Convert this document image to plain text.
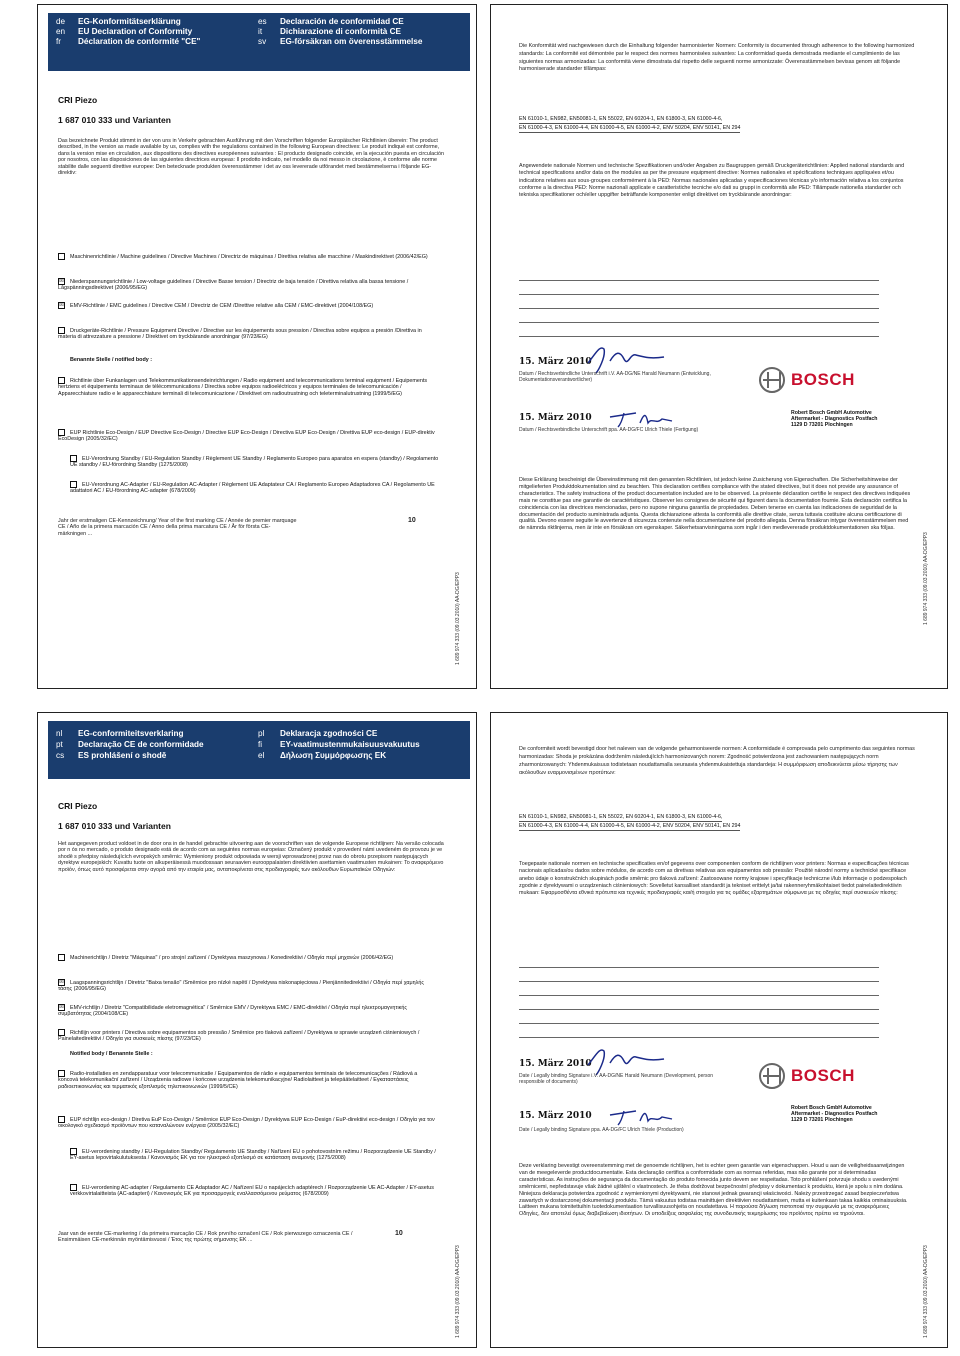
de EG-Konformitätserklärung
en EU Declaration of Conformity
fr Déclaration de conformité "CE"
es Declaración de conformidad CE
it Dichiarazione di conformità CE
sv EG-försäkran om överensstämmelse
CRI Piezo
1 687 010 333 und Varianten
Das bezeichnete Produkt stimmt in der von uns in Verkehr gebrachten Ausführung mit den Vorschriften folgender Europäischer Richtlinien überein: The product described, in the version as made available by us, complies with the regulations contained in the following European directives: Le produit indiqué est conforme, dans la version mise en circulation, aux dispositions des directives européennes suivantes : El producto designado coincide, en la ejecución puesta en circulación por nosotros, con las disposiciones de las siguientes directrices europeas: Il prodotto indicato, nel modello da noi messo in circolazione, è conforme alle norme stabilite dalle seguenti direttive europee: Den betecknade produkten överensstämmer i det av oss levererade utförandet med bestämmelserna i följande EG-direktiv:
Maschinenrichtlinie / Machine guidelines / Directive Machines / Directriz de máquinas / Direttiva relativa alle macchine / Maskindirektivet (2006/42/EG)
☒ Niederspannungsrichtlinie / Low-voltage guidelines / Directive Basse tension / Directriz de baja tensión / Direttiva relativa alla bassa tensione / Lågspänningsdirektivet (2006/95/EG)
☒ EMV-Richtlinie / EMC guidelines / Directive CEM / Directriz de CEM /Direttive relative alla CEM / EMC-direktivet (2004/108/EG)
Druckgeräte-Richtlinie / Pressure Equipment Directive / Directive sur les équipements sous pression / Directiva sobre equipos a presión /Direttiva in materia di attrezzature a pressione / Direktivet om tryckbärande anordningar (97/23/EG)
Benannte Stelle / notified body :
Richtlinie über Funkanlagen und Telekommunikationsendeinrichtungen / Radio equipment and telecommunications terminal equipment / Equipements hertziens et équipements terminaux de télécommunications / Directiva sobre equipos radioeléctricos y equipos terminales de telecomunicación / Apparecchiature radio e le apparecchiature terminali di telecomunicazione / Direktivet om radioutrustning och teleterminalutrustning (1999/5/EG)
EUP Richtlinie Eco-Design / EUP Directive Eco-Design / Directive EUP Eco-Design / Directiva EUP Eco-Design / Direttiva EUP eco-design / EUP-direktiv EcoDesign (2005/32/EC)
EU-Verordnung Standby / EU-Regulation Standby / Règlement UE Standby / Reglamento Europeo para aparatos en espera (standby) / Regolamento UE standby / EU-förordning Standby (1275/2008)
EU-Verordnung AC-Adapter / EU-Regulation AC-Adapter / Règlement UE Adaptateur CA / Reglamento Europeo Adaptadores CA / Regolamento UE adattatori AC / EU-förordning AC-adapter (678/2009)
Jahr der erstmaligen CE-Kennzeichnung/ Year of the first marking CE / Année de premier marquage CE / Año de la primera marcación CE / Anno della prima marcatura CE / År för första CE-märkningen ...
10
1 689 974 333 (09.03.2010) AA-DG/EPP3
Die Konformität wird nachgewiesen durch die Einhaltung folgender harmonisierter Normen: Conformity is documented through adherence to the following harmonized standards: La conformité est démontrée par le respect des normes harmonisées suivantes: La conformidad queda demostrada mediante el cumplimiento de las siguientes normas armonizadas: La conformità viene dimostrata dal rispetto delle seguenti norme armonizzate: Överensstämmelsen bevisas genom att följande harmoniserade standarder tillämpas:
EN 61010-1, EN982, EN50081-1, EN 55022, EN 60204-1, EN 61800-3, EN 61000-4-6,
EN 61000-4-3, EN 61000-4-4, EN 61000-4-5, EN 61000-4-2, ENV 50204, ENV 50141, EN 294
Angewendete nationale Normen und technische Spezifikationen und/oder Angaben zu Baugruppen gemäß Druckgeräterichtlinien: Applied national standards and technical specifications and/or data on the modules as per the pressure equipment directive: Normes nationales et spécifications techniques appliquées et/ou indications relatives aux sous-groupes conformément à la PED: Normas nacionales aplicadas y especificaciones técnicas y/o información relativa a los conjuntos conforme a la directiva PED: Norme nazionali applicate e caratteristiche tecniche e/o dati su gruppi in conformità alle PED: Tillämpade nationella standarder och tekniska specifikationer och/eller uppgifter beträffande komponenter enligt direktivet om tryckbärande anordningar:
15. März 2010
Datum / Rechtsverbindliche Unterschrift i.V. AA-DG/NE Harald Neumann (Entwicklung, Dokumentationsverantwortlicher)
15. März 2010
Datum / Rechtsverbindliche Unterschrift ppa. AA-DG/FC Ulrich Thiele (Fertigung)
BOSCH
Robert Bosch GmbH Automotive Aftermarket - Diagnostics Postfach 1129 D 73201 Plochingen
Diese Erklärung bescheinigt die Übereinstimmung mit den genannten Richtlinien, ist jedoch keine Zusicherung von Eigenschaften. Die Sicherheitshinweise der mitgelieferten Produktdokumentation sind zu beachten. This declaration certifies compliance with the stated directives, but it does not provide any assurance of characteristics. The safety instructions of the product documentation included are to be observed. La présente déclaration certifie le respect des directives indiquées mais ne constitue pas une garantie de caractéristiques. Observer les consignes de sécurité qui figurent dans la documentation fournie. Esta declaración certifica la coincidencia con las directrices mencionadas, pero no supone ninguna garantía de propiedades. Deben tenerse en cuenta las indicaciones de seguridad de la documentación del producto suministrada adjunta. Questa dichiarazione attesta la conformità alle direttive citate, senza tuttavia costituire alcuna certificazione di qualità. Devono essere seguite le avvertenze di sicurezza contenute nella documentazione del prodotto allegata. Denna försäkran intygar överensstämmelsen med de nämnda riktlinjerna, men är inte en försäkran om egenskaper. Säkerhetsanvisningarna som ingår i den medlevererade produktdokumentationen ska följas.
1 689 974 333 (09.03.2010) AA-DG/EPP3
nl EG-conformiteitsverklaring
pt Declaração CE de conformidade
cs ES prohlášení o shodě
pl Deklaracja zgodności CE
fi EY-vaatimustenmukaisuusvakuutus
el Δήλωση Συμμόρφωσης ΕΚ
CRI Piezo
1 687 010 333 und Varianten
Het aangegeven product voldoet in de door ons in de handel gebrachte uitvoering aan de voorschriften van de volgende Europese richtlijnen: Na versão colocada por n ós no mercado, o produto designado está de acordo com as seguintes normas europeias: Označený produkt v provedení námi uvedeném do provozu je ve shodě s předpisy následujících evropských směrnic: Wymieniony produkt odpowiada w wersji wprowadzonej przez nas do obrotu przepisom następujących dyrektyw europejskich: Kuvattu tuote on alkuperäisessä muodossaan seuraavien eurooppalaisten direktiivien asettamien vaatimusten mukainen: Το αναφερόμενο προϊόν, όπως αυτό προσφέρεται στην αγορά από την εταιρία μας, ανταποκρίνεται στις προδιαγραφές των ακόλουθων Ευρωπαϊκών Οδηγιών:
Machinerichtlijn / Diretriz "Máquinas" / pro strojní zařízení / Dyrektywa maszynowa / Konedirektiivi / Οδηγία περί μηχανών (2006/42/EG)
☒ Laagspanningsrichtlijn / Diretriz "Baixa tensão" /Směrnice pro nízké napětí / Dyrektywa niskonapięciowa / Pienjännitedirektiivi / Οδηγία περί χαμηλής τάσης (2006/95/EG)
☒ EMV-richtlijn / Diretriz "Compatibilidade eletromagnética" / Směrnice EMV / Dyrektywa EMC / EMC-direktiivi / Οδηγία περί ηλεκτρομαγνητικής συμβατότητας (2004/108/CE)
Richtlijn voor printers / Directiva sobre equipamentos sob pressão / Směrnice pro tlaková zařízení / Dyrektywa w sprawie urządzeń ciśnieniowych / Painelaitedirektiivi / Οδηγία για συσκευές πίεσης (97/23/CE)
Notified body / Benannte Stelle :
Radio-installaties en zendapparatuur voor telecommunicatie / Equipamentos de rádio e equipamentos terminais de telecomunicações / Rádiová a koncová telekomunikační zařízení / Urządzenia radiowe i końcowe urządzenia telekomunikacyjne/ Radiolaitteet ja telepäätelaitteet / Εγκαταστάσεις ραδιοεπικοινωνίας και τερματικός εξοπλισμός τηλεπικοινωνιών (1999/5/CE)
EUP richtlijn eco-design / Diretiva EuP Eco-Design / Směrnice EUP Eco-Design / Dyrektywa EUP Eco-Design / EuP-direktiivi eco-design / Οδηγία για τον οικολογικό σχεδιασμό προϊόντων που καταναλώνουν ενέργεια (2005/32/EC)
EU-verordening standby / EU-Regulation Standby/ Regulamento UE Standby / Nařízení EU o pohotovostním režimu / Rozporządzenie UE Standby / EY-asetus lepovirtakulutuksesta / Κανονισμός ΕΚ για τον ηλεκτρικό εξοπλισμό σε κατάσταση αναμονής (1275/2008)
EU-verordening AC-adapter / Regulamento CE Adaptador AC / Nařízení EU o napájecích adaptérech / Rozporządzenie UE AC-Adapter / EY-asetus verkkovirtalaitteista (AC-adapteri) / Κανονισμός ΕΚ για προσαρμογείς εναλλασσόμενου ρεύματος (678/2009)
Jaar van de eerste CE-markering / da primeira marcação CE / Rok prvního označení CE / Rok pierwszego oznaczenia CE / Ensimmäisen CE-merkinnän myöntämisvuosi / Έτος της πρώτης σήμανσης ΕΚ ...
10
1 689 974 333 (09.03.2010) AA-DG/EPP3
De conformiteit wordt bevestigd door het naleven van de volgende geharmoniseerde normen: A conformidade é comprovada pelo cumprimento das seguintes normas harmonizadas: Shoda je prokázána dodržením následujících harmonizovaných norem: Zgodność potwierdzona jest zachowaniem następujących norm zharmonizowanych: Yhdenmukaisuus todistetaan noudattamalla seuraavia yhdenmukaistettuja standardeja: Η συμμόρφωση αποδεικνύεται μέσω τήρησης των ακόλουθων εναρμονισμένων προτύπων:
EN 61010-1, EN982, EN50081-1, EN 55022, EN 60204-1, EN 61800-3, EN 61000-4-6,
EN 61000-4-3, EN 61000-4-4, EN 61000-4-5, EN 61000-4-2, ENV 50204, ENV 50141, EN 294
Toegepaste nationale normen en technische specificaties en/of gegevens over componenten conform de richtlijnen voor printers: Normas e especificações técnicas nacionais aplicadas/ou dados sobre módulos, de acordo com as diretivas relativas aos equipamentos sob pressão: Použité národní normy a technické specifikace anebo údaje o konstrukčních skupinách podle směrnic pro tlaková zařízení: Zastosowane normy krajowe i specyfikacje techniczne i/lub informacje o podzespołach zgodnie z dyrektywami o urządzeniach ciśnieniowych: Sovelletut kansalliset standardit ja tekniset erittelyt ja/tai rakenneryhmäkohtaiset tiedot painelaitedirektiivin mukaan: Εφαρμοσθέντα εθνικά πρότυπα και τεχνικές προδιαγραφές και/ή στοιχεία για τις ομάδες εξαρτημάτων σύμφωνα με τις οδηγίες περί συσκευών πίεσης:
15. März 2010
Date / Legally binding Signature i.V. AA-DG/NE Harald Neumann (Development, person responsible of documents)
15. März 2010
Date / Legally binding Signature ppa. AA-DG/FC Ulrich Thiele (Production)
BOSCH
Robert Bosch GmbH Automotive Aftermarket - Diagnostics Postfach 1129 D 73201 Plochingen
Deze verklaring bevestigt overeenstemming met de genoemde richtlijnen, het is echter geen garantie van eigenschappen. Houd u aan de veiligheidsaanwijzingen van de meegeleverde productdocumentatie. Esta declaração certifica a conformidade com as normas referidas, mas não garante por si determinadas características. As instruções de segurança da documentação do produto fornecida junto devem ser respeitadas. Toto prohlášení potvrzuje shodu s uvedenými směrnicemi, nepředstavuje však žádné ujištění o vlastnostech. Je třeba dodržovat bezpečnostní předpisy v dokumentaci k produktu, která je spolu s ním dodána. Niniejsza deklaracja potwierdza zgodność z wymienionymi dyrektywami, nie stanowi jednak gwarancji właściwości. Należy przestrzegać zasad bezpieczeństwa zawartych w dostarczonej dokumentacji produktu. Tämä vakuutus todistaa mainittujen direktiivien noudattamisen, mutta ei kuitenkaan takaa kaikkia ominaisuuksia. Laitteen mukana toimitettuihin tuotedokumentaation turvallisuusohjeita on noudatettava. Η παρούσα δήλωση πιστοποιεί την συμφωνία με τις αναφερόμενες Οδηγίες, δεν αποτελεί όμως διαβεβαίωση ιδιοτήτων. Οι υποδείξεις ασφαλείας της συνοδευτικής τεκμηρίωσης του προϊόντος πρέπει να τηρούνται.
1 689 974 333 (09.03.2010) AA-DG/EPP3
